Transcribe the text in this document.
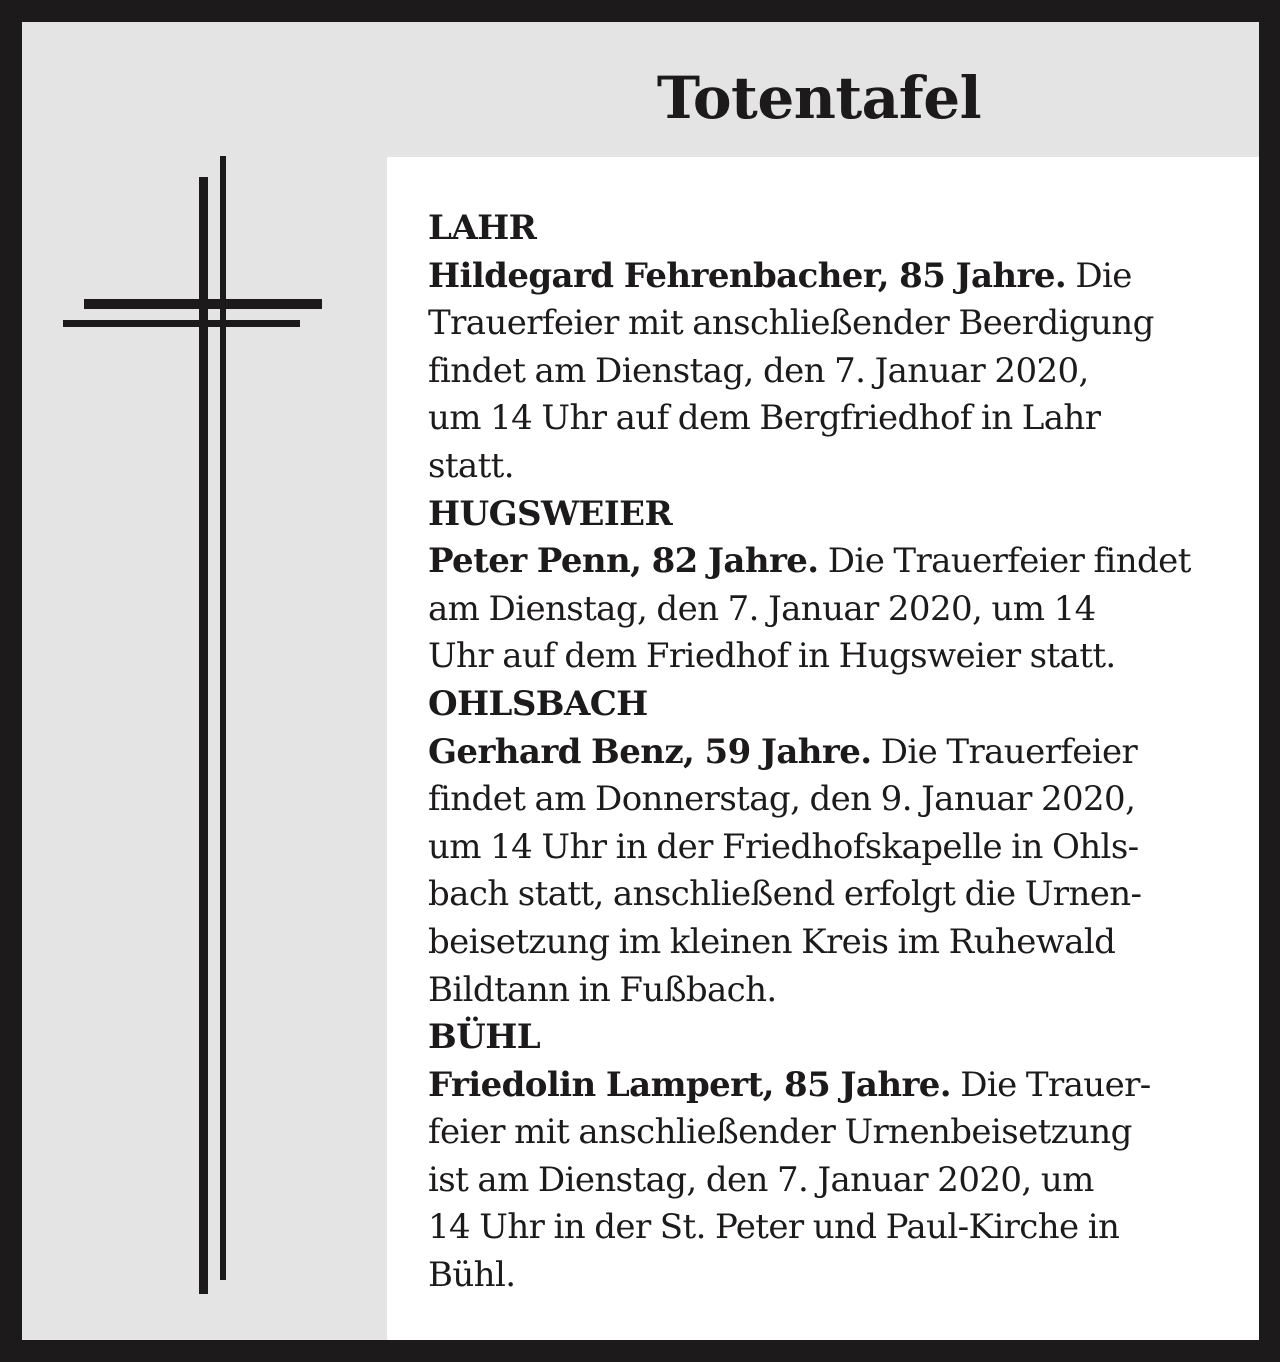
Totentafel
LAHR
Hildegard Fehrenbacher, 85 Jahre. Die
Trauerfeier mit anschließender Beerdigung
findet am Dienstag, den 7. Januar 2020,
um 14 Uhr auf dem Bergfriedhof in Lahr
statt.
HUGSWEIER
Peter Penn, 82 Jahre. Die Trauerfeier findet
am Dienstag, den 7. Januar 2020, um 14
Uhr auf dem Friedhof in Hugsweier statt.
OHLSBACH
Gerhard Benz, 59 Jahre. Die Trauerfeier
findet am Donnerstag, den 9. Januar 2020,
um 14 Uhr in der Friedhofskapelle in Ohls-
bach statt, anschließend erfolgt die Urnen-
beisetzung im kleinen Kreis im Ruhewald
Bildtann in Fußbach.
BÜHL
Friedolin Lampert, 85 Jahre. Die Trauer-
feier mit anschließender Urnenbeisetzung
ist am Dienstag, den 7. Januar 2020, um
14 Uhr in der St. Peter und Paul-Kirche in
Bühl.
